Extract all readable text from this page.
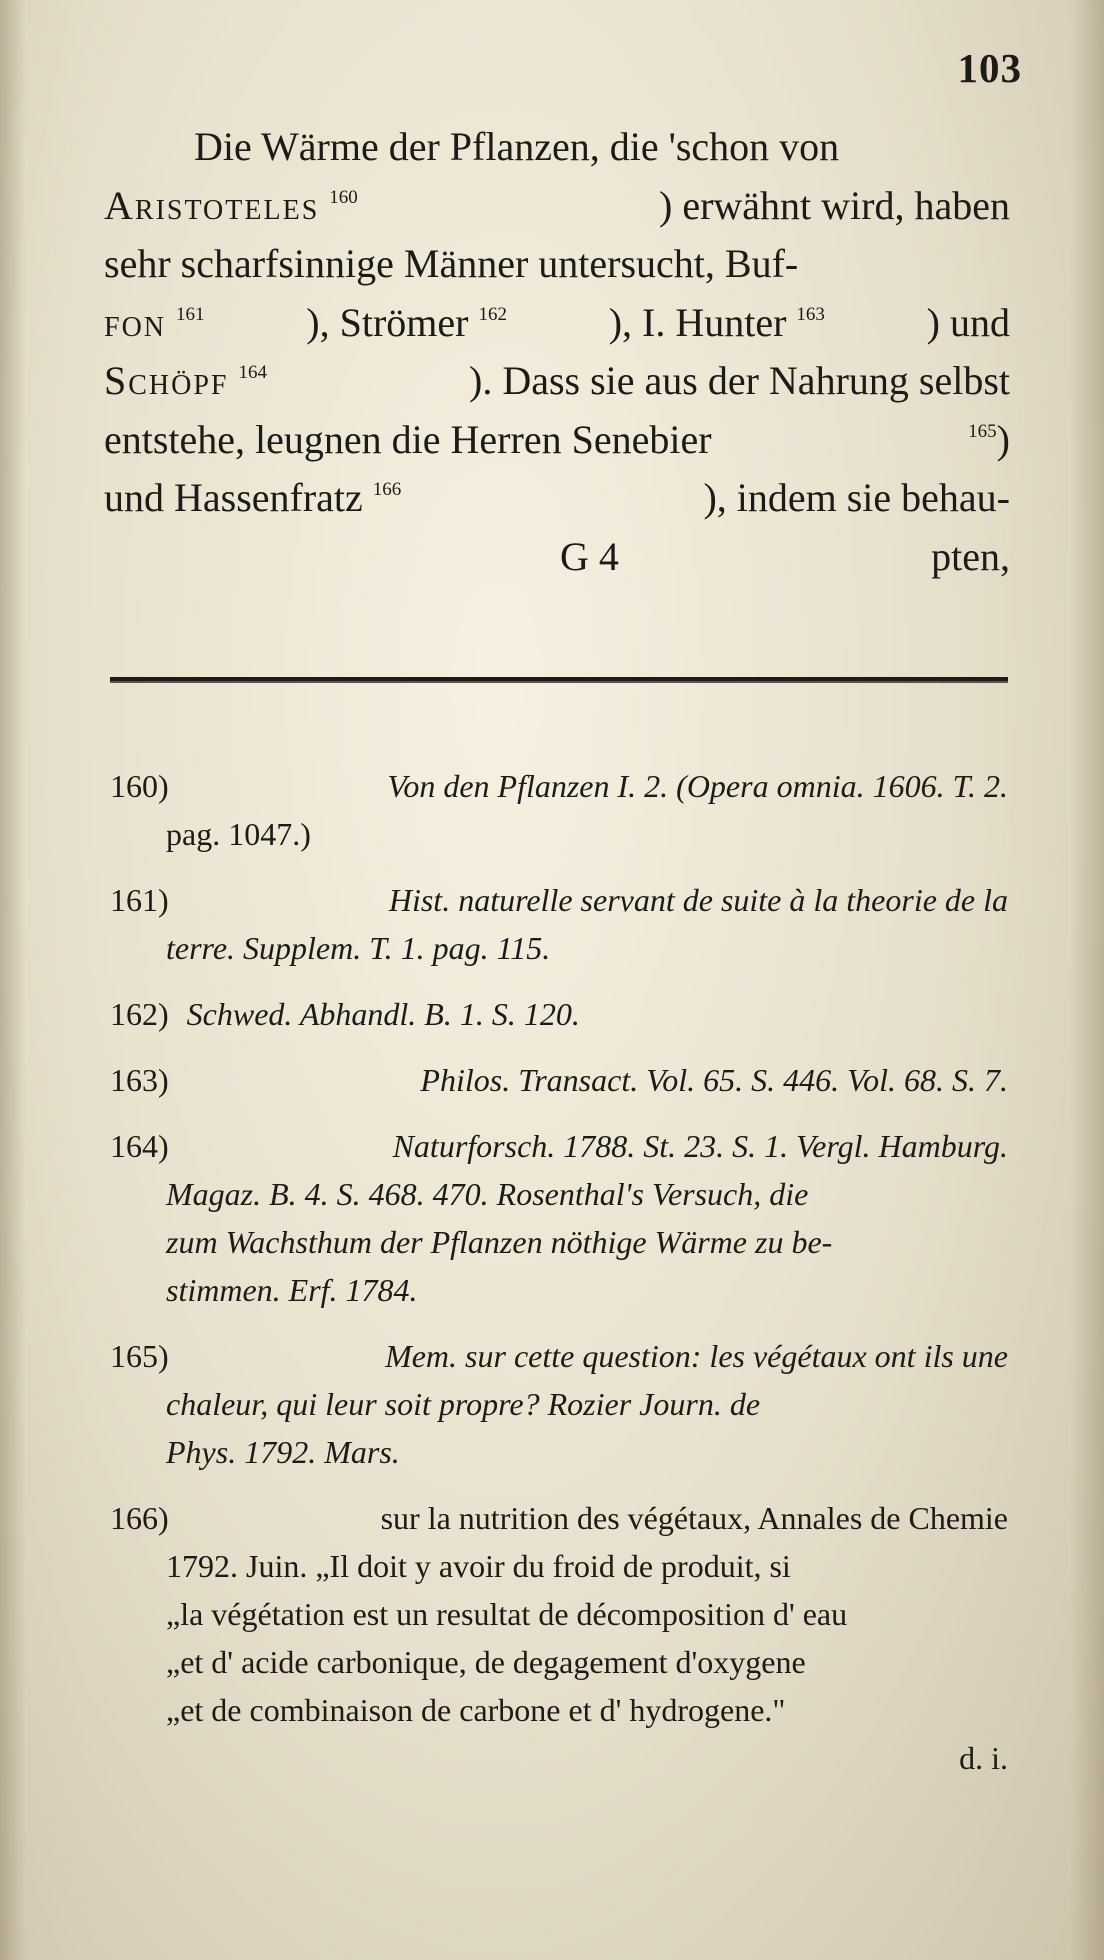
103
Die Wärme der Pflanzen, die 'schon von
Aristoteles $^{160}$	) erwähnt wird, haben
sehr scharfsinnige Männer untersucht, Buf-
fon $^{161}$	), Strömer $^{162}$	), I. Hunter $^{163}$	) und
Schöpf $^{164}$	). Dass sie aus der Nahrung selbst
entstehe, leugnen die Herren Senebier	$^{165}$)
und Hassenfratz $^{166}$	), indem sie behau-
G 4	pten,
160)	Von den Pflanzen I. 2. (Opera omnia. 1606. T. 2.
pag. 1047.)
161)	Hist. naturelle servant de suite à la theorie de la
terre. Supplem. T. 1. pag. 115.
162) Schwed. Abhandl. B. 1. S. 120.
163)	Philos. Transact. Vol. 65. S. 446. Vol. 68. S. 7.
164)	Naturforsch. 1788. St. 23. S. 1. Vergl. Hamburg.
Magaz. B. 4. S. 468. 470. Rosenthal's Versuch, die
zum Wachsthum der Pflanzen nöthige Wärme zu be-
stimmen. Erf. 1784.
165)	Mem. sur cette question: les végétaux ont ils une
chaleur, qui leur soit propre? Rozier Journ. de
Phys. 1792. Mars.
166)	sur la nutrition des végétaux, Annales de Chemie
1792. Juin. „Il doit y avoir du froid de produit, si
„la végétation est un resultat de décomposition d' eau
„et d' acide carbonique, de degagement d'oxygene
„et de combinaison de carbone et d' hydrogene."
d. i.
